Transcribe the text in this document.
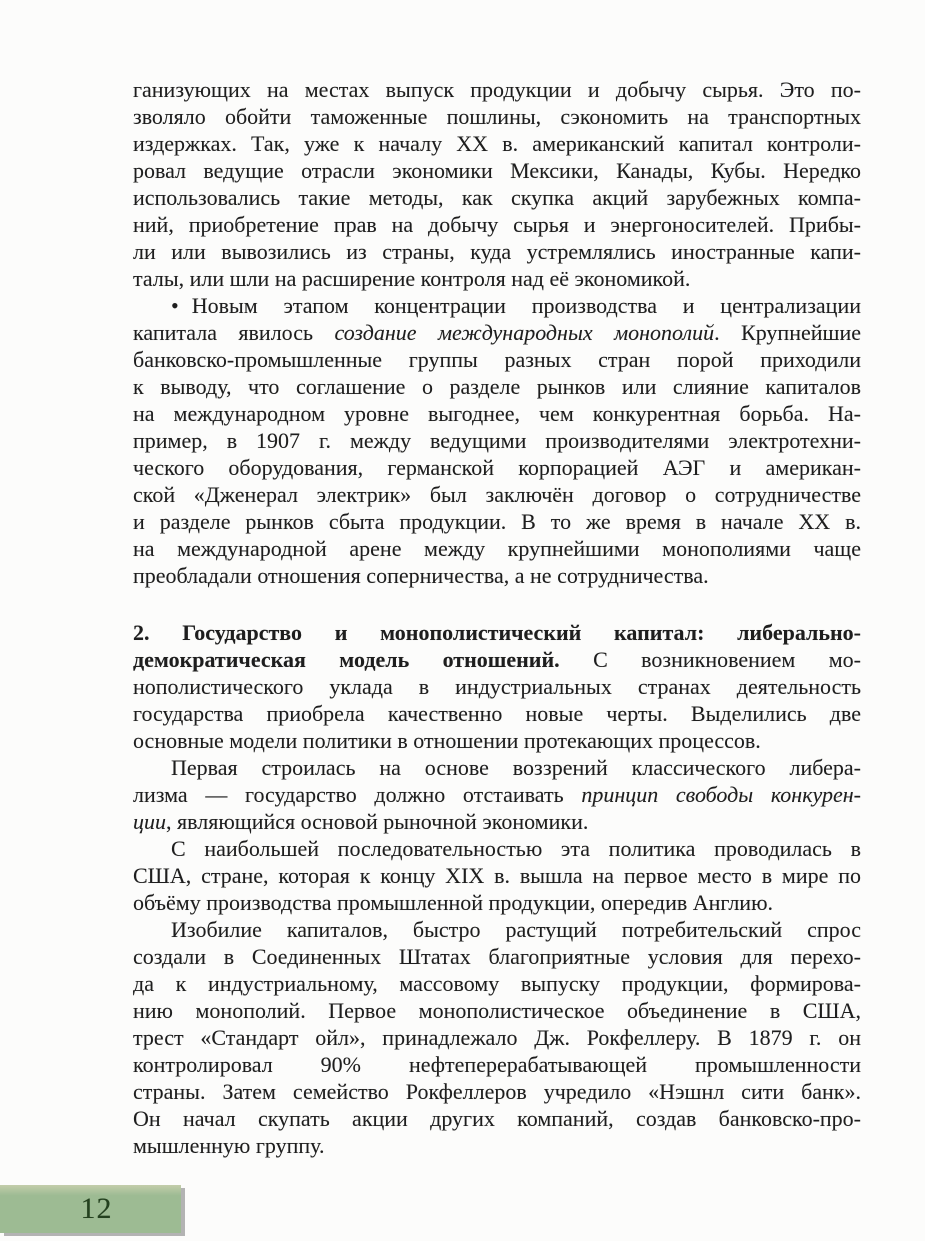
ганизующих на местах выпуск продукции и добычу сырья. Это по-
зволяло обойти таможенные пошлины, сэкономить на транспортных
издержках. Так, уже к началу XX в. американский капитал контроли-
ровал ведущие отрасли экономики Мексики, Канады, Кубы. Нередко
использовались такие методы, как скупка акций зарубежных компа-
ний, приобретение прав на добычу сырья и энергоносителей. Прибы-
ли или вывозились из страны, куда устремлялись иностранные капи-
талы, или шли на расширение контроля над её экономикой.
• Новым этапом концентрации производства и централизации
капитала явилось создание международных монополий. Крупнейшие
банковско-промышленные группы разных стран порой приходили
к выводу, что соглашение о разделе рынков или слияние капиталов
на международном уровне выгоднее, чем конкурентная борьба. На-
пример, в 1907 г. между ведущими производителями электротехни-
ческого оборудования, германской корпорацией АЭГ и американ-
ской «Дженерал электрик» был заключён договор о сотрудничестве
и разделе рынков сбыта продукции. В то же время в начале XX в.
на международной арене между крупнейшими монополиями чаще
преобладали отношения соперничества, а не сотрудничества.
2. Государство и монополистический капитал: либерально-
демократическая модель отношений. С возникновением мо-
нополистического уклада в индустриальных странах деятельность
государства приобрела качественно новые черты. Выделились две
основные модели политики в отношении протекающих процессов.
Первая строилась на основе воззрений классического либера-
лизма — государство должно отстаивать принцип свободы конкурен-
ции, являющийся основой рыночной экономики.
С наибольшей последовательностью эта политика проводилась в
США, стране, которая к концу XIX в. вышла на первое место в мире по
объёму производства промышленной продукции, опередив Англию.
Изобилие капиталов, быстро растущий потребительский спрос
создали в Соединенных Штатах благоприятные условия для перехо-
да к индустриальному, массовому выпуску продукции, формирова-
нию монополий. Первое монополистическое объединение в США,
трест «Стандарт ойл», принадлежало Дж. Рокфеллеру. В 1879 г. он
контролировал 90% нефтеперерабатывающей промышленности
страны. Затем семейство Рокфеллеров учредило «Нэшнл сити банк».
Он начал скупать акции других компаний, создав банковско-про-
мышленную группу.
12
